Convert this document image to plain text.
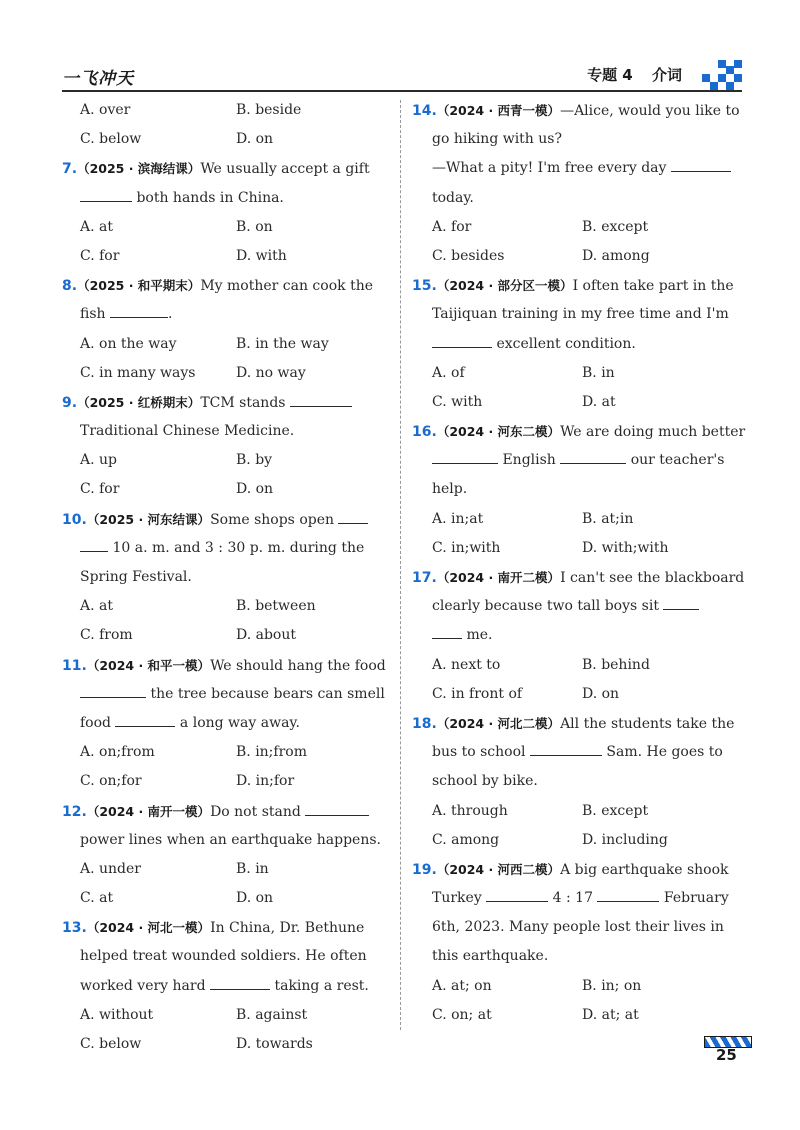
一飞冲天	专题 4 介词
A. over	B. beside
C. below	D. on
7.（2025 · 滨海结课）We usually accept a gift
both hands in China.
A. at	B. on
C. for	D. with
8.（2025 · 和平期末）My mother can cook the
fish	.
A. on the way	B. in the way
C. in many ways	D. no way
9.（2025 · 红桥期末）TCM stands
Traditional Chinese Medicine.
A. up	B. by
C. for	D. on
10.（2025 · 河东结课）Some shops open
10 a. m. and 3 : 30 p. m. during the
Spring Festival.
A. at	B. between
C. from	D. about
11.（2024 · 和平一模）We should hang the food
the tree because bears can smell
food	a long way away.
A. on;from	B. in;from
C. on;for	D. in;for
12.（2024 · 南开一模）Do not stand
power lines when an earthquake happens.
A. under	B. in
C. at	D. on
13.（2024 · 河北一模）In China, Dr. Bethune
helped treat wounded soldiers. He often
worked very hard	taking a rest.
A. without	B. against
C. below	D. towards
14.（2024 · 西青一模）—Alice, would you like to
go hiking with us?
—What a pity! I'm free every day
today.
A. for	B. except
C. besides	D. among
15.（2024 · 部分区一模）I often take part in the
Taijiquan training in my free time and I'm
excellent condition.
A. of	B. in
C. with	D. at
16.（2024 · 河东二模）We are doing much better
English	our teacher's
help.
A. in;at	B. at;in
C. in;with	D. with;with
17.（2024 · 南开二模）I can't see the blackboard
clearly because two tall boys sit
me.
A. next to	B. behind
C. in front of	D. on
18.（2024 · 河北二模）All the students take the
bus to school	Sam. He goes to
school by bike.
A. through	B. except
C. among	D. including
19.（2024 · 河西二模）A big earthquake shook
Turkey	4 : 17	February
6th, 2023. Many people lost their lives in
this earthquake.
A. at; on	B. in; on
C. on; at	D. at; at
25
